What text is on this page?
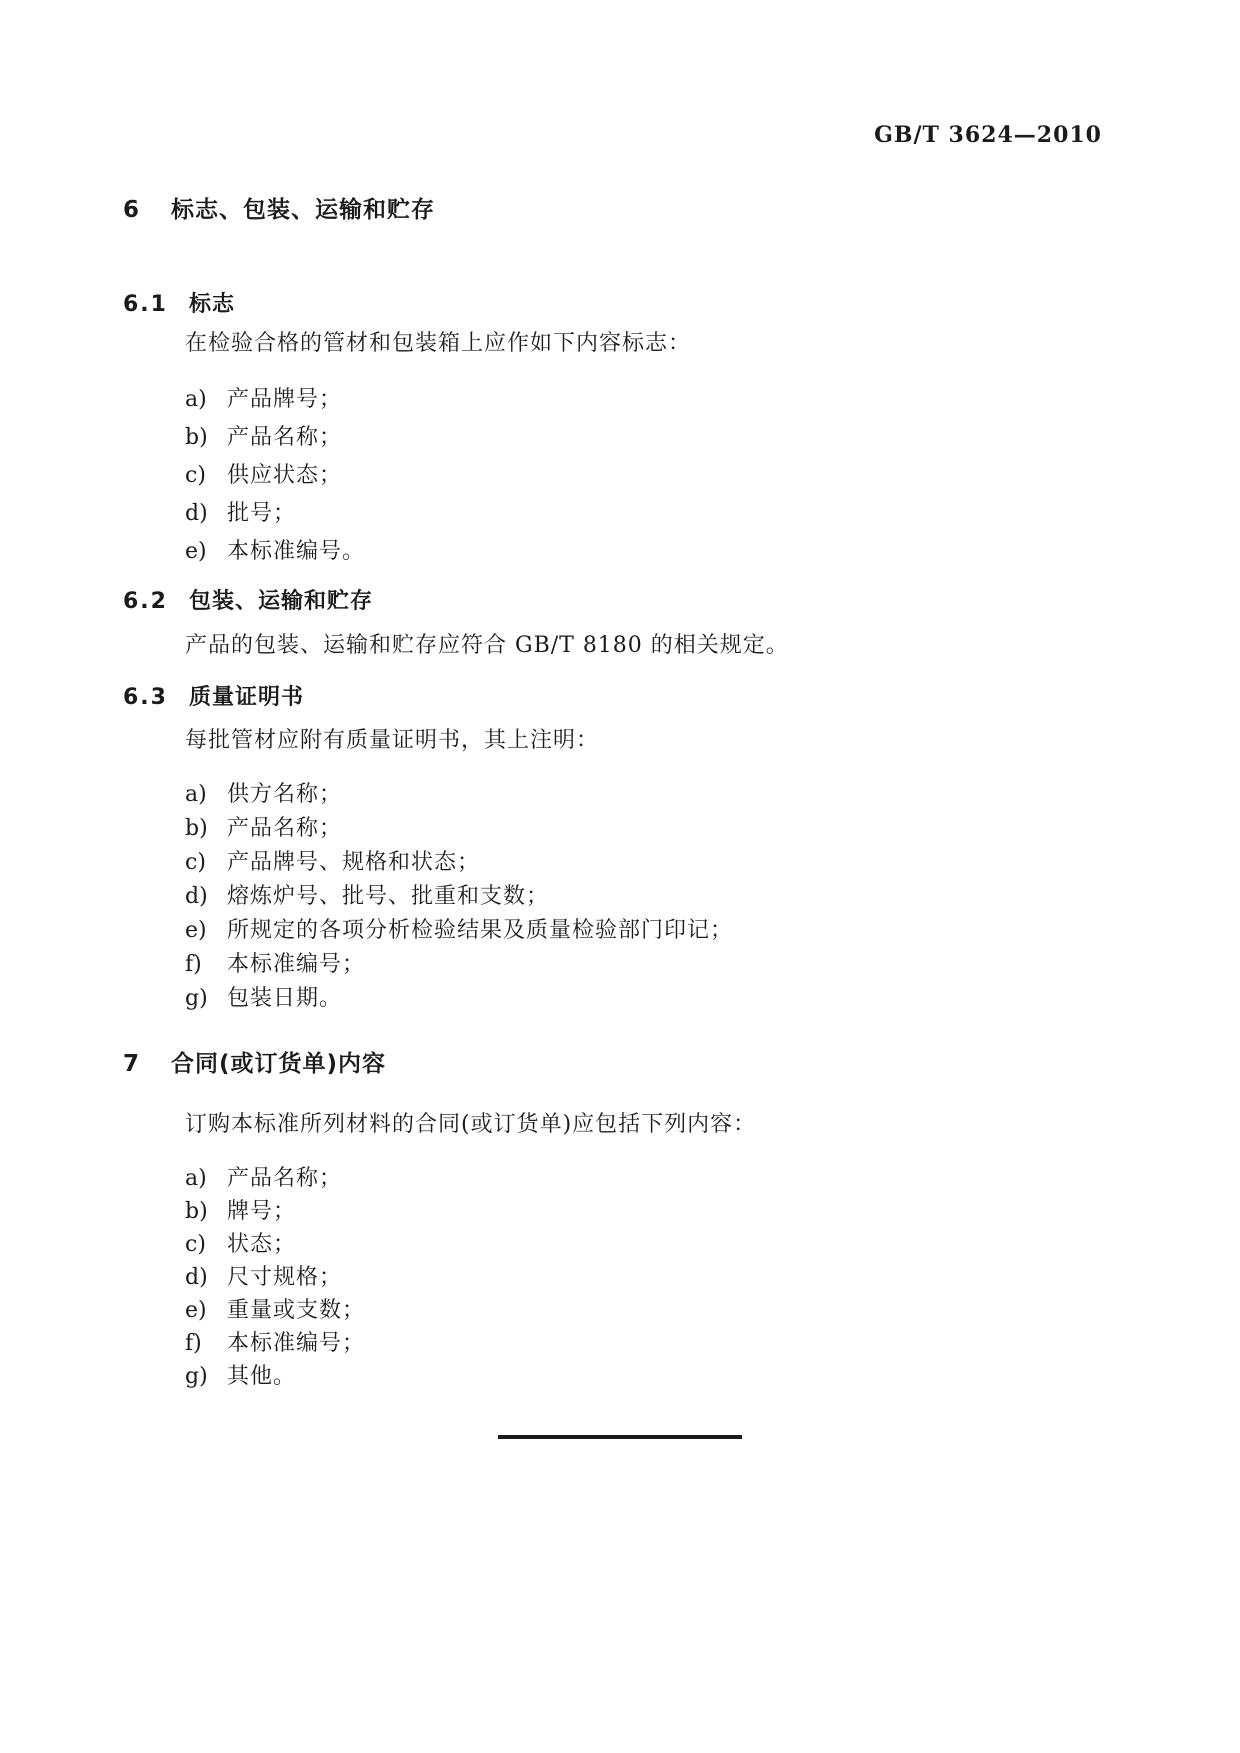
GB/T 3624—2010
6 标志、包装、运输和贮存
6.1 标志

在检验合格的管材和包装箱上应作如下内容标志：

a) 产品牌号；
b) 产品名称；
c) 供应状态；
d) 批号；
e) 本标准编号。
6.2 包装、运输和贮存

产品的包装、运输和贮存应符合 GB/T 8180 的相关规定。

6.3 质量证明书

每批管材应附有质量证明书，其上注明：

a) 供方名称；
b) 产品名称；
c) 产品牌号、规格和状态；
d) 熔炼炉号、批号、批重和支数；
e) 所规定的各项分析检验结果及质量检验部门印记；
f) 本标准编号；
g) 包装日期。
7 合同(或订货单)内容

订购本标准所列材料的合同(或订货单)应包括下列内容：

a) 产品名称；
b) 牌号；
c) 状态；
d) 尺寸规格；
e) 重量或支数；
f) 本标准编号；
g) 其他。
